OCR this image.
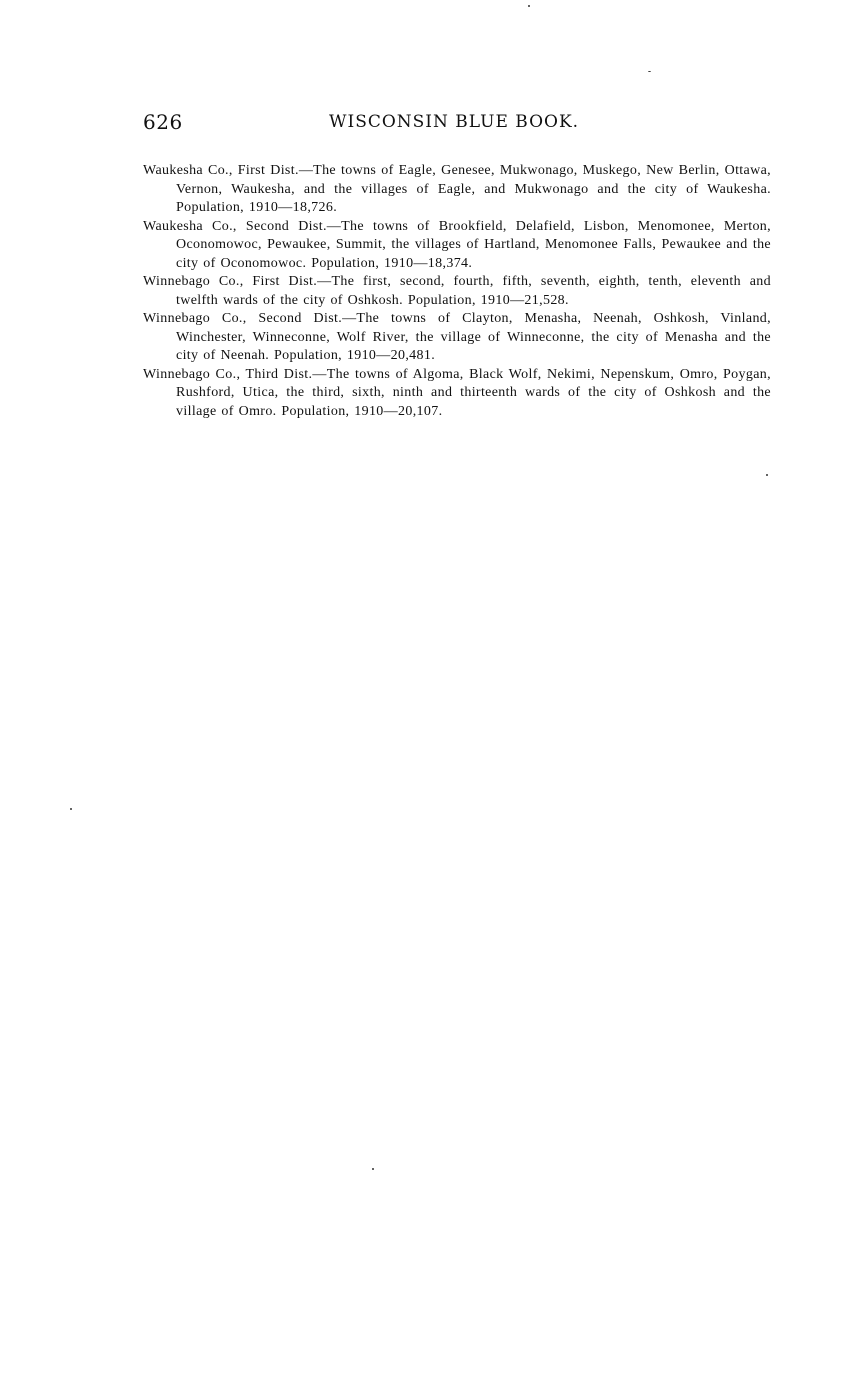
626	WISCONSIN BLUE BOOK.

Waukesha Co., First Dist.—The towns of Eagle, Genesee, Mukwonago, Muskego, New Berlin, Ottawa, Vernon, Waukesha, and the villages of Eagle, and Mukwonago and the city of Waukesha. Population, 1910—18,726.

Waukesha Co., Second Dist.—The towns of Brookfield, Delafield, Lisbon, Menomonee, Merton, Oconomowoc, Pewaukee, Summit, the villages of Hartland, Menomonee Falls, Pewaukee and the city of Oconomowoc. Population, 1910—18,374.

Winnebago Co., First Dist.—The first, second, fourth, fifth, seventh, eighth, tenth, eleventh and twelfth wards of the city of Oshkosh. Population, 1910—21,528.

Winnebago Co., Second Dist.—The towns of Clayton, Menasha, Neenah, Oshkosh, Vinland, Winchester, Winneconne, Wolf River, the village of Winneconne, the city of Menasha and the city of Neenah. Population, 1910—20,481.

Winnebago Co., Third Dist.—The towns of Algoma, Black Wolf, Nekimi, Nepenskum, Omro, Poygan, Rushford, Utica, the third, sixth, ninth and thirteenth wards of the city of Oshkosh and the village of Omro. Population, 1910—20,107.
